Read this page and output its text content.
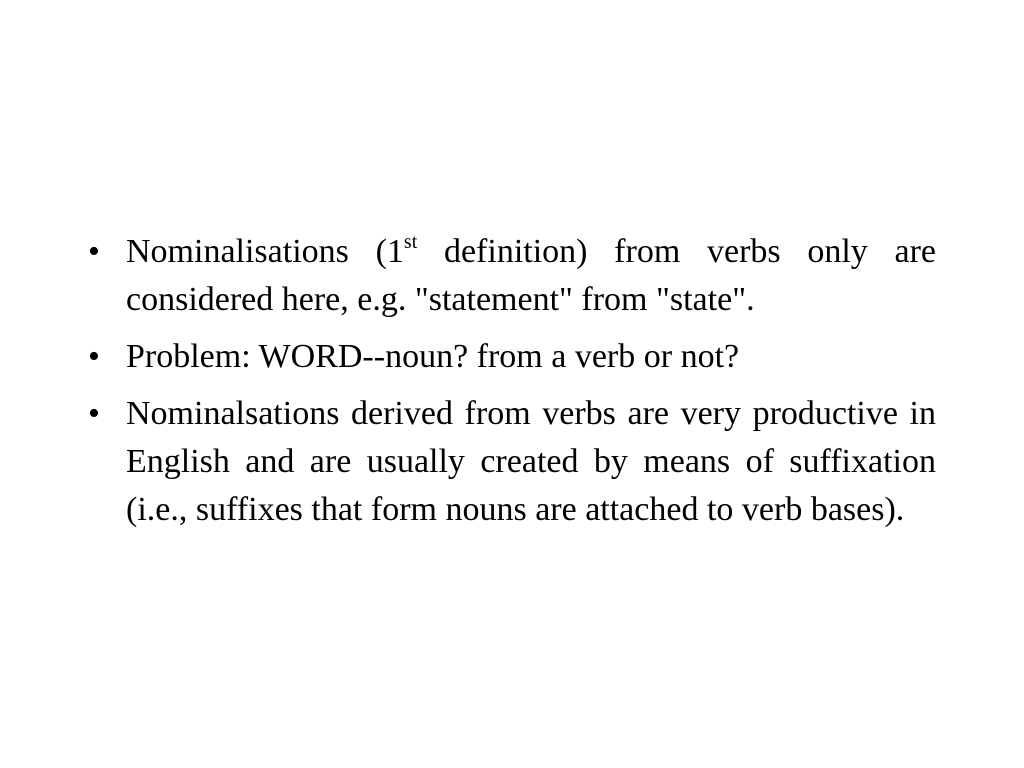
• Nominalisations (1st definition) from verbs only are considered here, e.g. "statement" from "state".
• Problem: WORD--noun? from a verb or not?
• Nominalsations derived from verbs are very productive in English and are usually created by means of suffixation (i.e., suffixes that form nouns are attached to verb bases).
